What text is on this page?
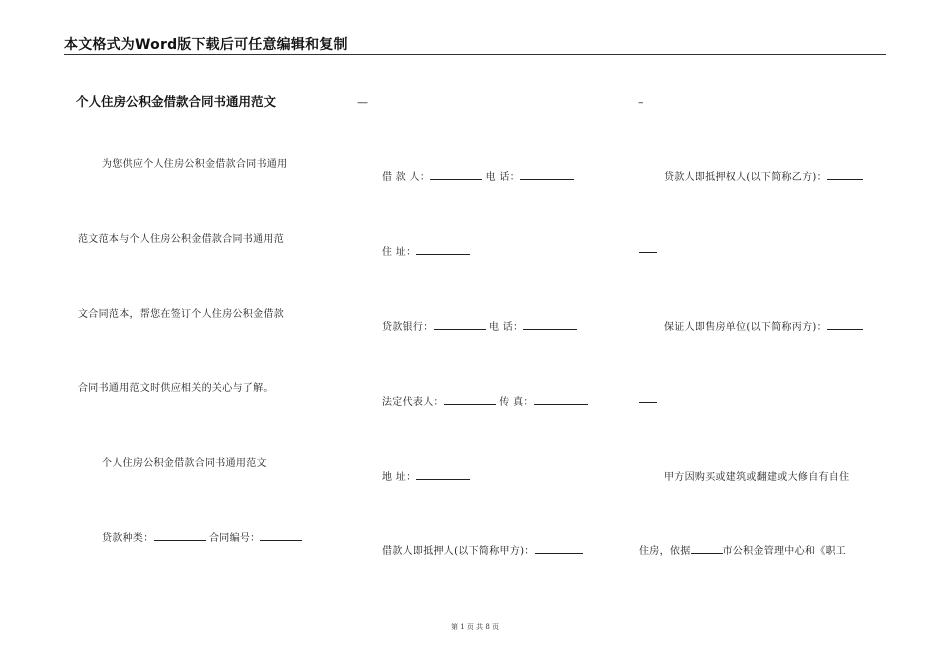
本文格式为Word版下载后可任意编辑和复制
个人住房公积金借款合同书通用范文	—	–
为您供应个人住房公积金借款合同书通用
范文范本与个人住房公积金借款合同书通用范
文合同范本，帮您在签订个人住房公积金借款
合同书通用范文时供应相关的关心与了解。
个人住房公积金借款合同书通用范文
贷款种类：	合同编号：
借 款 人：	电 话：
住 址：
贷款银行：	电 话：
法定代表人：	传 真：
地 址：
借款人即抵押人(以下简称甲方)：
贷款人即抵押权人(以下简称乙方)：
保证人即售房单位(以下简称丙方)：
甲方因购买或建筑或翻建或大修自有自住
住房，依据	市公积金管理中心和《职工
第 1 页 共 8 页
